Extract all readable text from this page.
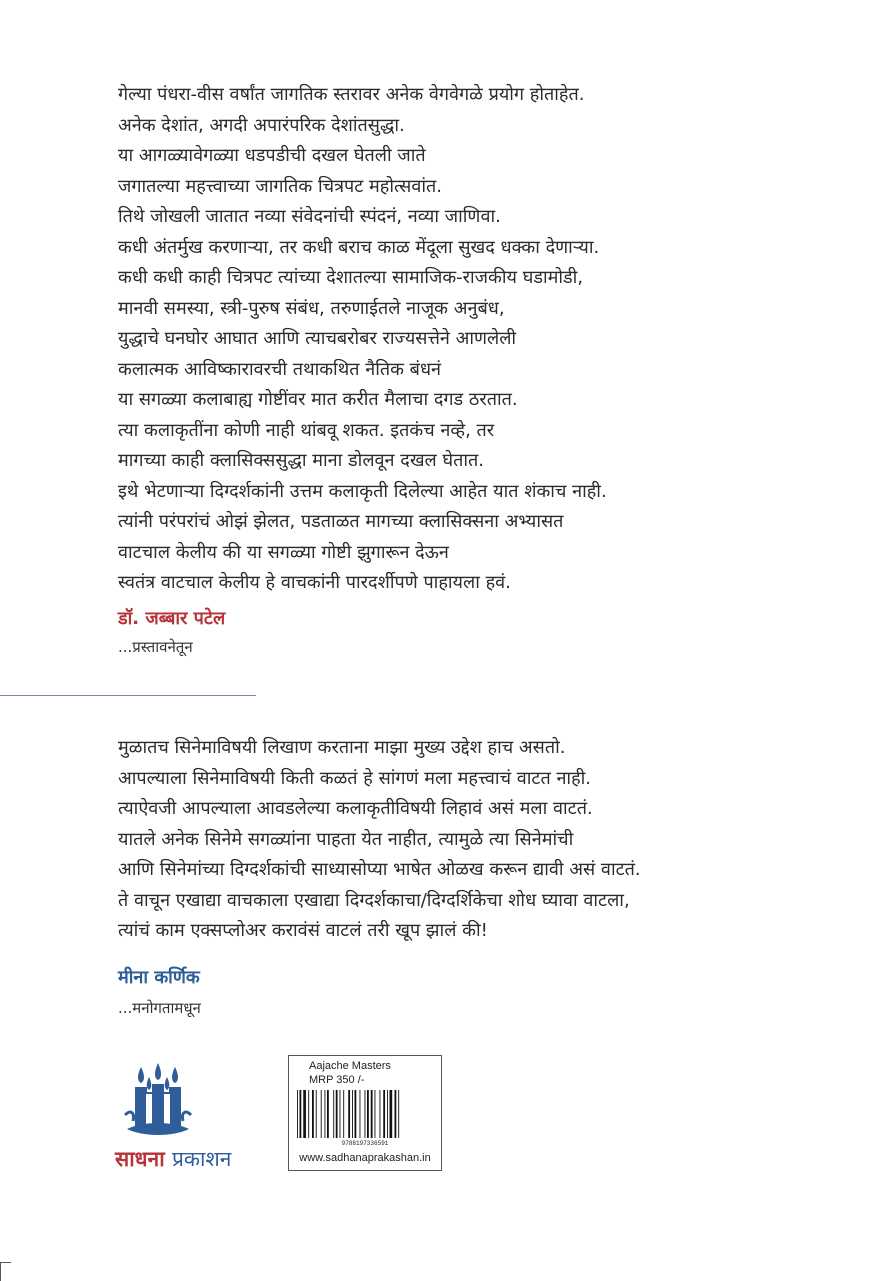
गेल्या पंधरा-वीस वर्षांत जागतिक स्तरावर अनेक वेगवेगळे प्रयोग होताहेत.
अनेक देशांत, अगदी अपारंपरिक देशांतसुद्धा.
या आगळ्यावेगळ्या धडपडीची दखल घेतली जाते
जगातल्या महत्त्वाच्या जागतिक चित्रपट महोत्सवांत.
तिथे जोखली जातात नव्या संवेदनांची स्पंदनं, नव्या जाणिवा.
कधी अंतर्मुख करणाऱ्या, तर कधी बराच काळ मेंदूला सुखद धक्का देणाऱ्या.
कधी कधी काही चित्रपट त्यांच्या देशातल्या सामाजिक-राजकीय घडामोडी,
मानवी समस्या, स्त्री-पुरुष संबंध, तरुणाईतले नाजूक अनुबंध,
युद्धाचे घनघोर आघात आणि त्याचबरोबर राज्यसत्तेने आणलेली
कलात्मक आविष्कारावरची तथाकथित नैतिक बंधनं
या सगळ्या कलाबाह्य गोष्टींवर मात करीत मैलाचा दगड ठरतात.
त्या कलाकृतींना कोणी नाही थांबवू शकत. इतकंच नव्हे, तर
मागच्या काही क्लासिक्ससुद्धा माना डोलवून दखल घेतात.
इथे भेटणाऱ्या दिग्दर्शकांनी उत्तम कलाकृती दिलेल्या आहेत यात शंकाच नाही.
त्यांनी परंपरांचं ओझं झेलत, पडताळत मागच्या क्लासिक्सना अभ्यासत
वाटचाल केलीय की या सगळ्या गोष्टी झुगारून देऊन
स्वतंत्र वाटचाल केलीय हे वाचकांनी पारदर्शीपणे पाहायला हवं.
डॉ. जब्बार पटेल
...प्रस्तावनेतून
मुळातच सिनेमाविषयी लिखाण करताना माझा मुख्य उद्देश हाच असतो.
आपल्याला सिनेमाविषयी किती कळतं हे सांगणं मला महत्त्वाचं वाटत नाही.
त्याऐवजी आपल्याला आवडलेल्या कलाकृतीविषयी लिहावं असं मला वाटतं.
यातले अनेक सिनेमे सगळ्यांना पाहता येत नाहीत, त्यामुळे त्या सिनेमांची
आणि सिनेमांच्या दिग्दर्शकांची साध्यासोप्या भाषेत ओळख करून द्यावी असं वाटतं.
ते वाचून एखाद्या वाचकाला एखाद्या दिग्दर्शकाचा/दिग्दर्शिकेचा शोध घ्यावा वाटला,
त्यांचं काम एक्सप्लोअर करावंसं वाटलं तरी खूप झालं की!
मीना कर्णिक
...मनोगतामधून
साधना प्रकाशन
Aajache Masters
MRP 350 /-
9788197336591
www.sadhanaprakashan.in
